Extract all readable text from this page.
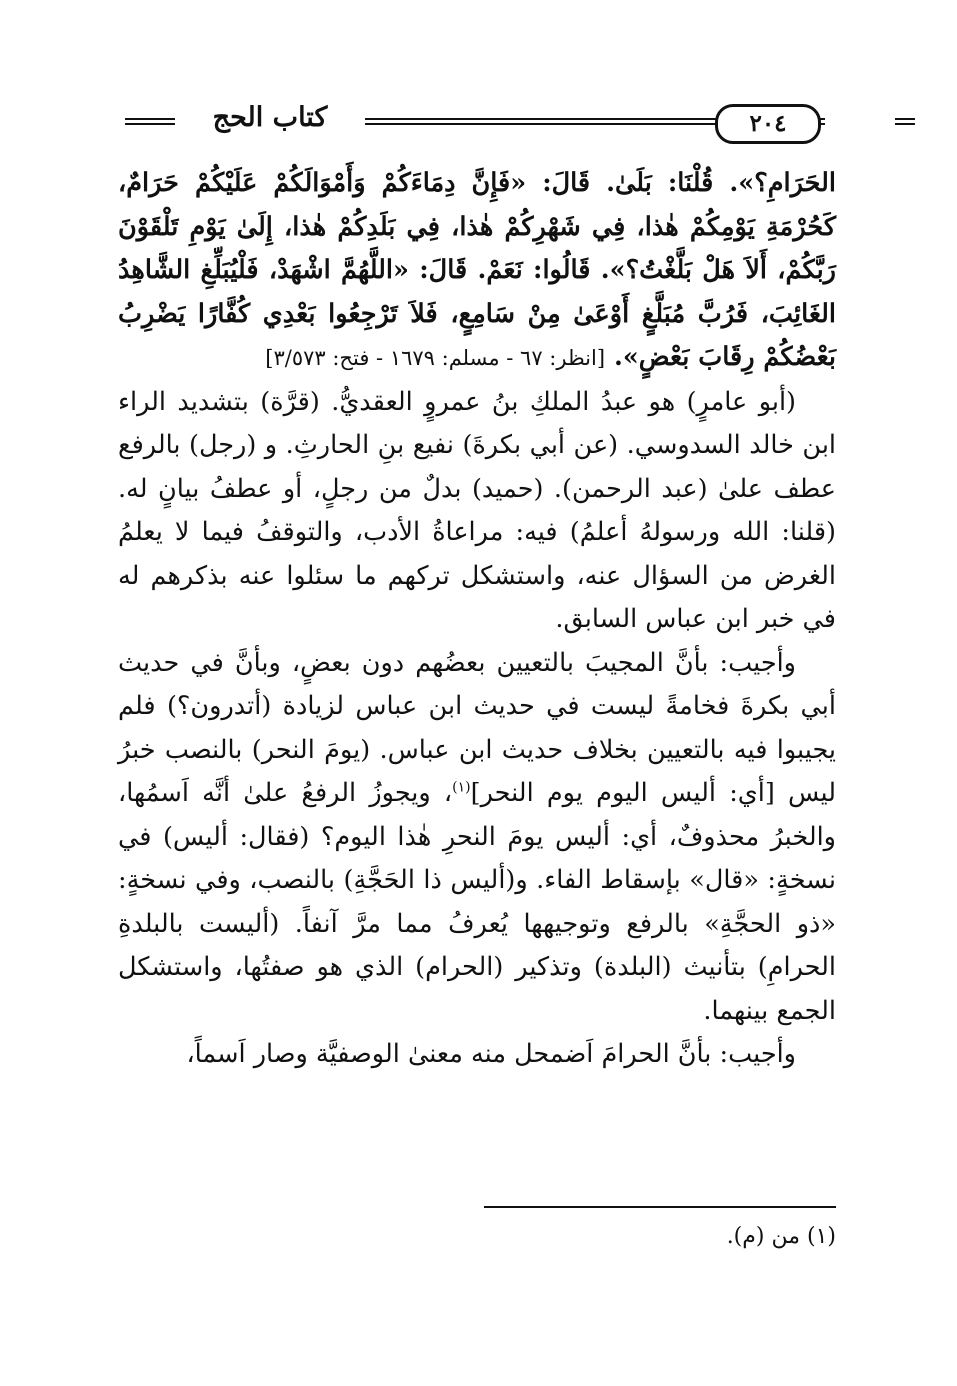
كتاب الحج	٢٠٤

الحَرَامِ؟». قُلْنَا: بَلَىٰ. قَالَ: «فَإِنَّ دِمَاءَكُمْ وَأَمْوَالَكُمْ عَلَيْكُمْ حَرَامٌ، كَحُرْمَةِ يَوْمِكُمْ هٰذا، فِي شَهْرِكُمْ هٰذا، فِي بَلَدِكُمْ هٰذا، إِلَىٰ يَوْمِ تَلْقَوْنَ رَبَّكُمْ، أَلاَ هَلْ بَلَّغْتُ؟». قَالُوا: نَعَمْ. قَالَ: «اللَّهُمَّ اشْهَدْ، فَلْيُبَلِّغِ الشَّاهِدُ الغَائِبَ، فَرُبَّ مُبَلَّغٍ أَوْعَىٰ مِنْ سَامِعٍ، فَلاَ تَرْجِعُوا بَعْدِي كُفَّارًا يَضْرِبُ بَعْضُكُمْ رِقَابَ بَعْضٍ». [انظر: ٦٧ - مسلم: ١٦٧٩ - فتح: ٣/٥٧٣]

(أبو عامرٍ) هو عبدُ الملكِ بنُ عمروٍ العقديُّ. (قرَّة) بتشديد الراء ابن خالد السدوسي. (عن أبي بكرةَ) نفيع بنِ الحارثِ. و (رجل) بالرفع عطف علىٰ (عبد الرحمن). (حميد) بدلٌ من رجلٍ، أو عطفُ بيانٍ له. (قلنا: الله ورسولهُ أعلمُ) فيه: مراعاةُ الأدب، والتوقفُ فيما لا يعلمُ الغرض من السؤال عنه، واستشكل تركهم ما سئلوا عنه بذكرهم له في خبر ابن عباس السابق.

وأجيب: بأنَّ المجيبَ بالتعيين بعضُهم دون بعضٍ، وبأنَّ في حديث أبي بكرةَ فخامةً ليست في حديث ابن عباس لزيادة (أتدرون؟) فلم يجيبوا فيه بالتعيين بخلاف حديث ابن عباس. (يومَ النحر) بالنصب خبرُ ليس [أي: أليس اليوم يوم النحر]$^{(١)}$، ويجوزُ الرفعُ علىٰ أنَّه اَسمُها، والخبرُ محذوفٌ، أي: أليس يومَ النحرِ هٰذا اليوم؟ (فقال: أليس) في نسخةٍ: «قال» بإسقاط الفاء. و(أليس ذا الحَجَّةِ) بالنصب، وفي نسخةٍ: «ذو الحجَّةِ» بالرفع وتوجيهها يُعرفُ مما مرَّ آنفاً. (أليست بالبلدةِ الحرامِ) بتأنيث (البلدة) وتذكير (الحرام) الذي هو صفتُها، واستشكل الجمع بينهما.

وأجيب: بأنَّ الحرامَ اَضمحل منه معنىٰ الوصفيَّة وصار اَسماً،

(١) من (م).
